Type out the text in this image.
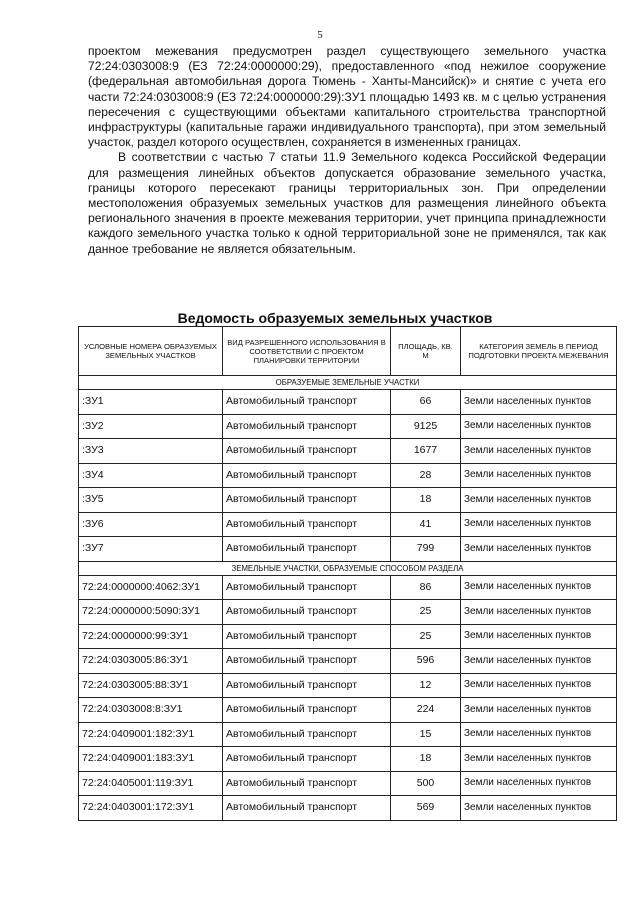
5

проектом межевания предусмотрен раздел существующего земельного участка 72:24:0303008:9 (ЕЗ 72:24:0000000:29), предоставленного «под нежилое сооружение (федеральная автомобильная дорога Тюмень - Ханты-Мансийск)» и снятие с учета его части 72:24:0303008:9 (ЕЗ 72:24:0000000:29):ЗУ1 площадью 1493 кв. м с целью устранения пересечения с существующими объектами капитального строительства транспортной инфраструктуры (капитальные гаражи индивидуального транспорта), при этом земельный участок, раздел которого осуществлен, сохраняется в измененных границах.

В соответствии с частью 7 статьи 11.9 Земельного кодекса Российской Федерации для размещения линейных объектов допускается образование земельного участка, границы которого пересекают границы территориальных зон. При определении местоположения образуемых земельных участков для размещения линейного объекта регионального значения в проекте межевания территории, учет принципа принадлежности каждого земельного участка только к одной территориальной зоне не применялся, так как данное требование не является обязательным.

Ведомость образуемых земельных участков
УСЛОВНЫЕ НОМЕРА ОБРАЗУЕМЫХ ЗЕМЕЛЬНЫХ УЧАСТКОВ	ВИД РАЗРЕШЕННОГО ИСПОЛЬЗОВАНИЯ В СООТВЕТСТВИИ С ПРОЕКТОМ ПЛАНИРОВКИ ТЕРРИТОРИИ	ПЛОЩАДЬ, КВ. М	КАТЕГОРИЯ ЗЕМЕЛЬ В ПЕРИОД ПОДГОТОВКИ ПРОЕКТА МЕЖЕВАНИЯ
ОБРАЗУЕМЫЕ ЗЕМЕЛЬНЫЕ УЧАСТКИ			
:ЗУ1	Автомобильный транспорт	66	Земли населенных пунктов
:ЗУ2	Автомобильный транспорт	9125	Земли населенных пунктов
:ЗУ3	Автомобильный транспорт	1677	Земли населенных пунктов
:ЗУ4	Автомобильный транспорт	28	Земли населенных пунктов
:ЗУ5	Автомобильный транспорт	18	Земли населенных пунктов
:ЗУ6	Автомобильный транспорт	41	Земли населенных пунктов
:ЗУ7	Автомобильный транспорт	799	Земли населенных пунктов
ЗЕМЕЛЬНЫЕ УЧАСТКИ, ОБРАЗУЕМЫЕ СПОСОБОМ РАЗДЕЛА			
72:24:0000000:4062:ЗУ1	Автомобильный транспорт	86	Земли населенных пунктов
72:24:0000000:5090:ЗУ1	Автомобильный транспорт	25	Земли населенных пунктов
72:24:0000000:99:ЗУ1	Автомобильный транспорт	25	Земли населенных пунктов
72:24:0303005:86:ЗУ1	Автомобильный транспорт	596	Земли населенных пунктов
72:24:0303005:88:ЗУ1	Автомобильный транспорт	12	Земли населенных пунктов
72:24:0303008:8:ЗУ1	Автомобильный транспорт	224	Земли населенных пунктов
72:24:0409001:182:ЗУ1	Автомобильный транспорт	15	Земли населенных пунктов
72:24:0409001:183:ЗУ1	Автомобильный транспорт	18	Земли населенных пунктов
72:24:0405001:119:ЗУ1	Автомобильный транспорт	500	Земли населенных пунктов
72:24:0403001:172:ЗУ1	Автомобильный транспорт	569	Земли населенных пунктов
